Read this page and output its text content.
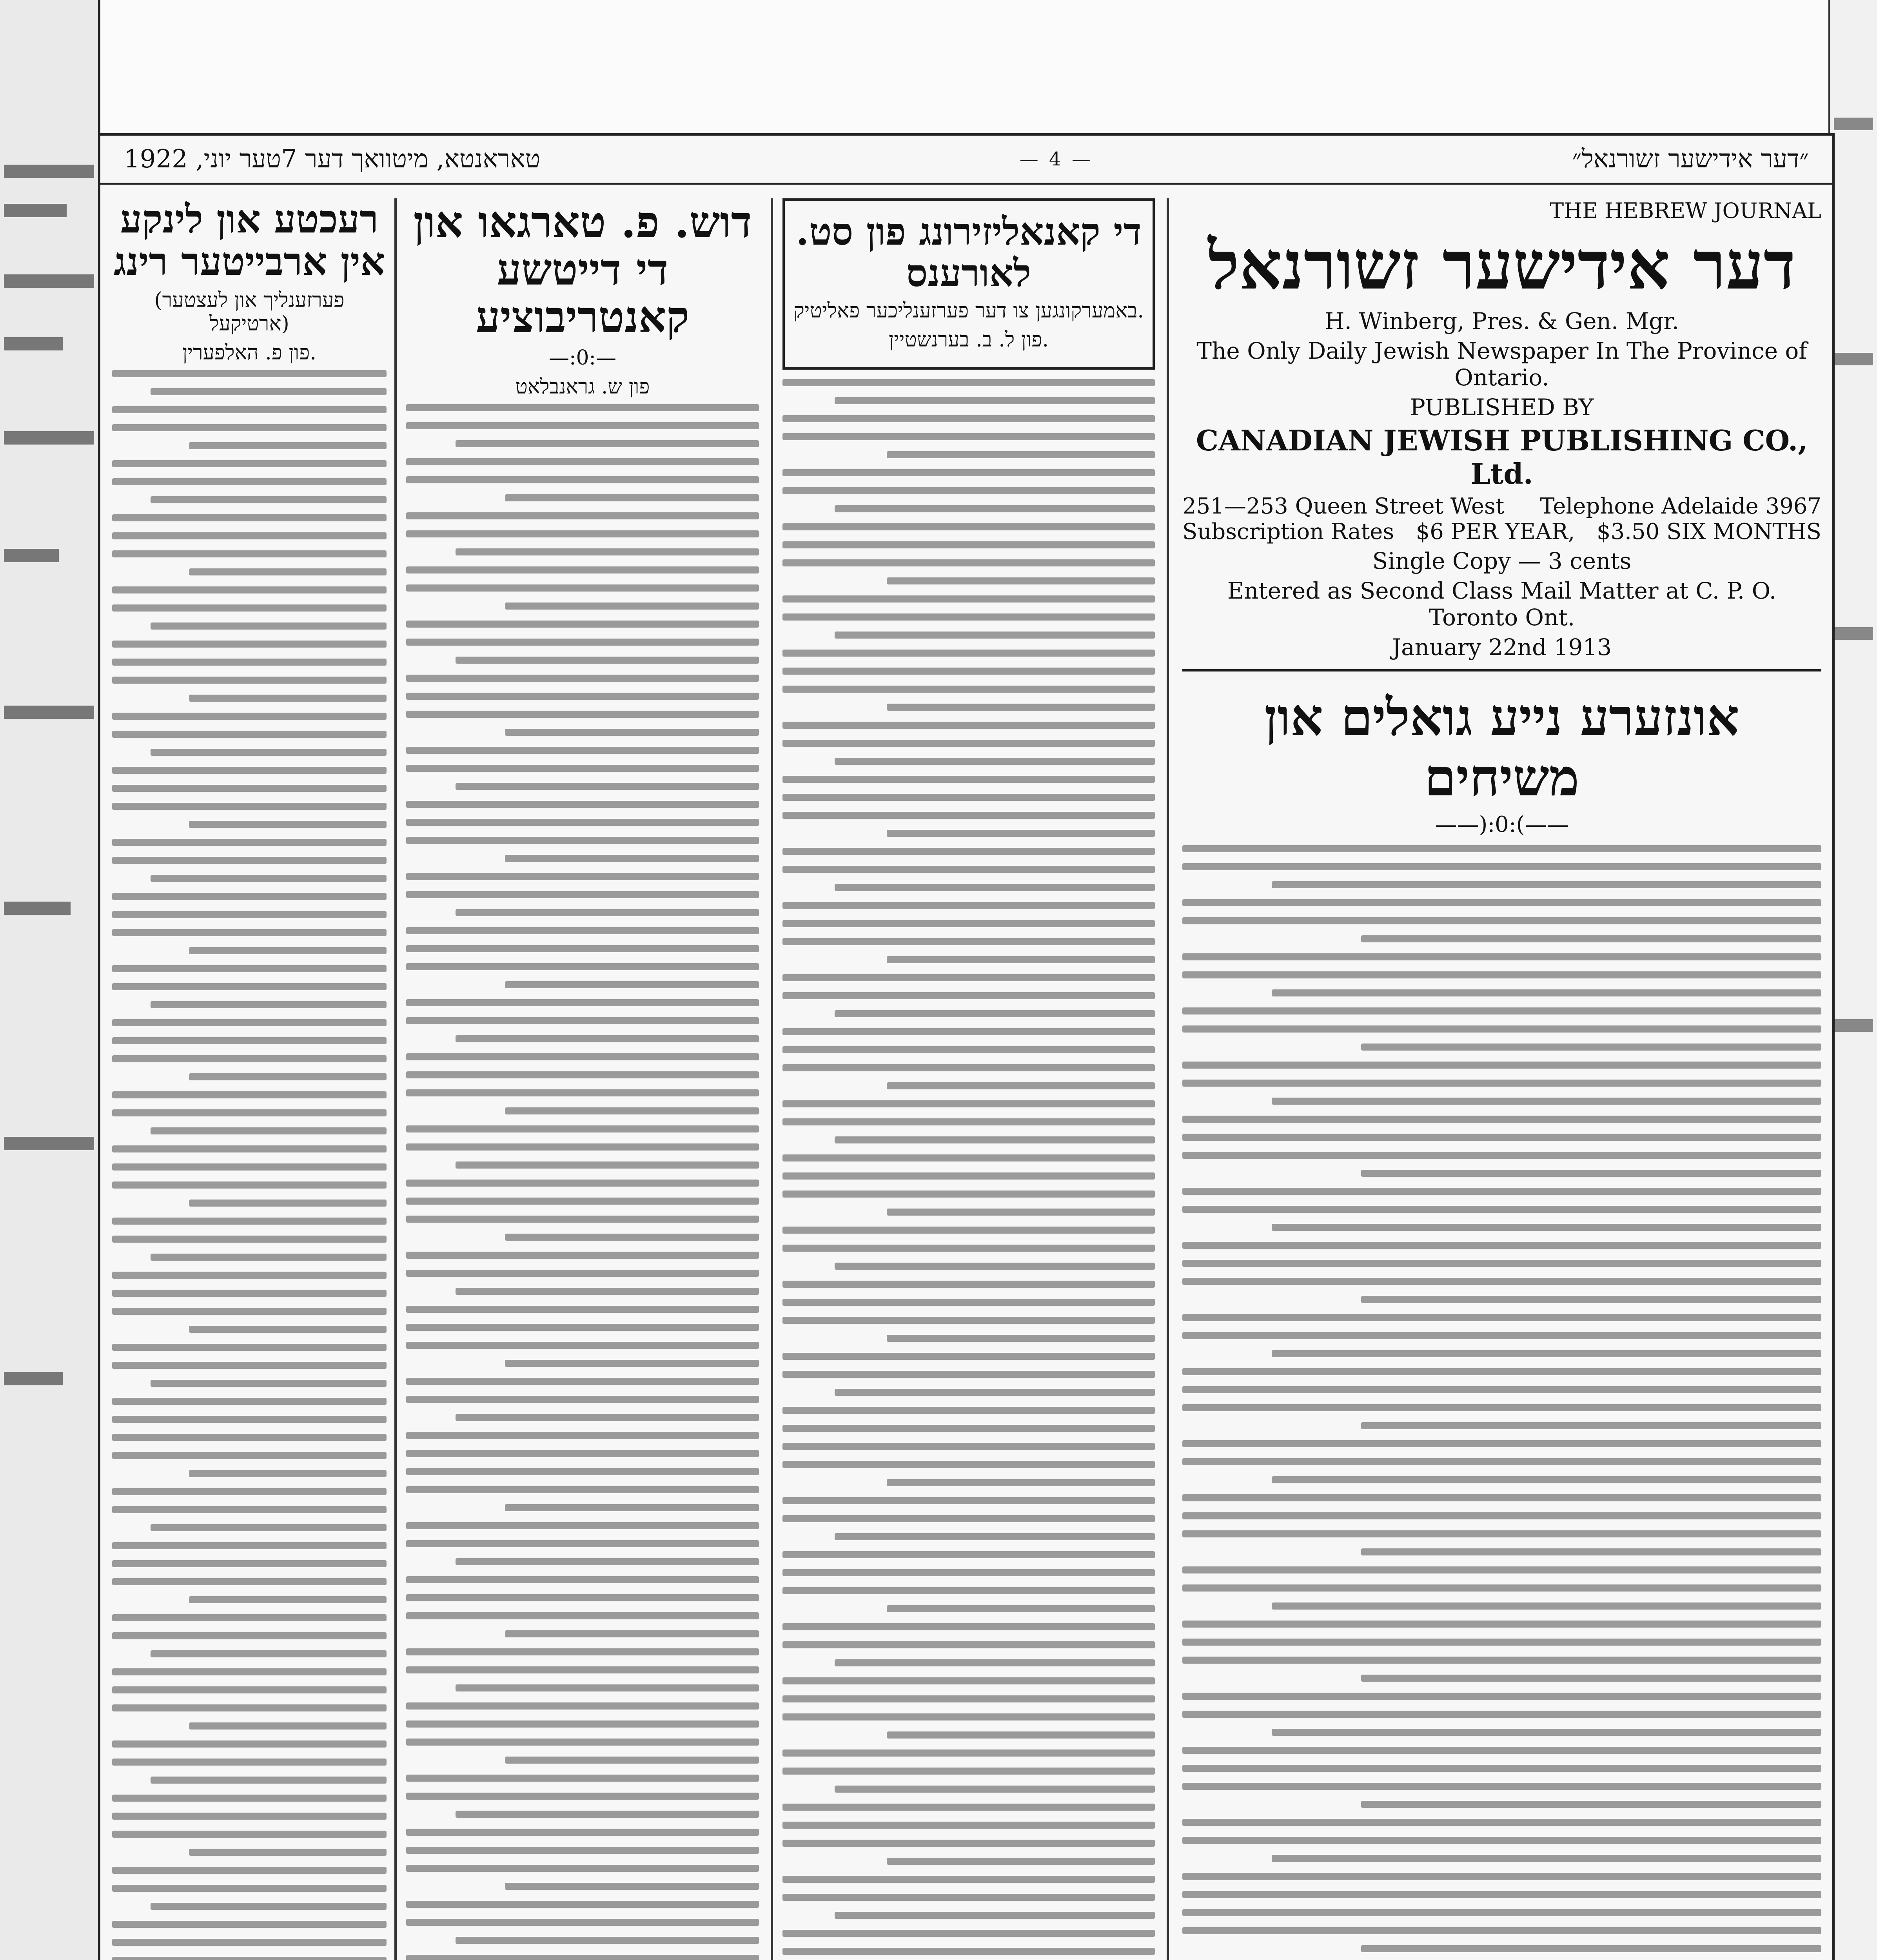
טאראנטא, מיטוואך דער 7טער יוני, 1922	— 4 —	״דער אידישער זשורנאל״
THE HEBREW JOURNAL
דער אידישער זשורנאל
H. Winberg, Pres. & Gen. Mgr.
The Only Daily Jewish Newspaper In The Province of Ontario.
PUBLISHED BY
CANADIAN JEWISH PUBLISHING CO., Ltd.
251—253 Queen Street West Telephone Adelaide 3967
Subscription Rates $6 PER YEAR, $3.50 SIX MONTHS
Single Copy — 3 cents
Entered as Second Class Mail Matter at C. P. O. Toronto Ont.
January 22nd 1913
אונזערע נייע גואלים און משיחים
——):0:(——
די קאנאליזירונג פון סט. לאורענס
באמערקונגען צו דער פערזענליכער פאליטיק.
פון ל. ב. בערנשטיין.
דוש. פ. טארגאו און די דייטשע קאנטריבוציע
—:0:—
פון ש. גראנבלאט
רעכטע און לינקע אין ארבייטער רינג
(פערזענליך און לעצטער ארטיקעל)
פון פ. האלפערין.
